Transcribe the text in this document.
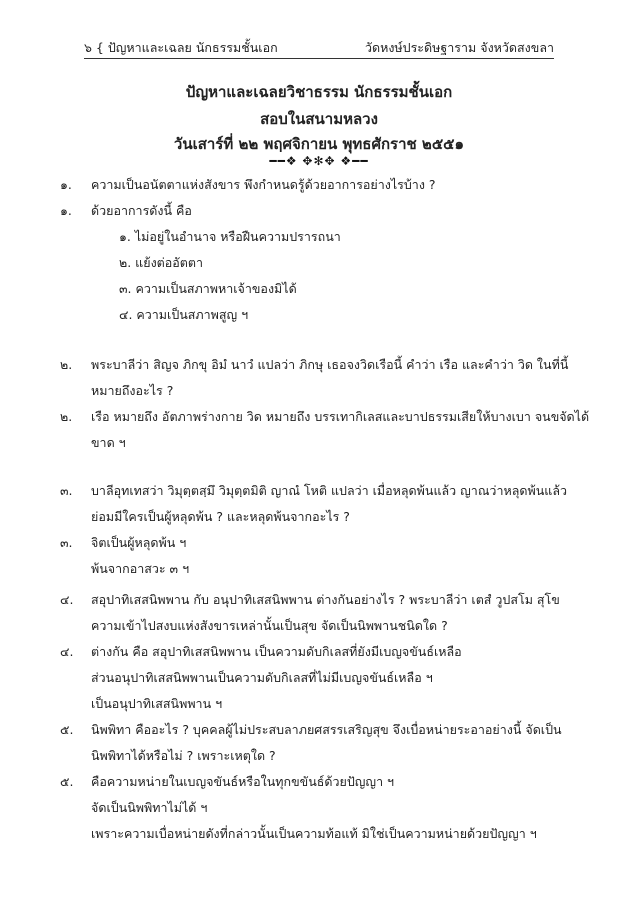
๖ { ปัญหาและเฉลย นักธรรมชั้นเอก	วัดหงษ์ประดิษฐาราม จังหวัดสงขลา
ปัญหาและเฉลยวิชาธรรม นักธรรมชั้นเอก
สอบในสนามหลวง
วันเสาร์ที่ ๒๒ พฤศจิกายน พุทธศักราช ๒๕๕๑
━━❖ ✥✻✥ ❖━━
๑. ความเป็นอนัตตาแห่งสังขาร พึงกำหนดรู้ด้วยอาการอย่างไรบ้าง ?
๑. ด้วยอาการดังนี้ คือ
๑. ไม่อยู่ในอำนาจ หรือฝืนความปรารถนา
๒. แย้งต่ออัตตา
๓. ความเป็นสภาพหาเจ้าของมิได้
๔. ความเป็นสภาพสูญ ฯ
๒. พระบาลีว่า สิญจ ภิกขุ อิมํ นาวํ แปลว่า ภิกษุ เธอจงวิดเรือนี้ คำว่า เรือ และคำว่า วิด ในที่นี้
หมายถึงอะไร ?
๒. เรือ หมายถึง อัตภาพร่างกาย วิด หมายถึง บรรเทากิเลสและบาปธรรมเสียให้บางเบา จนขจัดได้
ขาด ฯ
๓. บาลีอุทเทสว่า วิมุตฺตสฺมึ วิมุตฺตมิติ ญาณํ โหติ แปลว่า เมื่อหลุดพ้นแล้ว ญาณว่าหลุดพ้นแล้ว
ย่อมมีใครเป็นผู้หลุดพ้น ? และหลุดพ้นจากอะไร ?
๓. จิตเป็นผู้หลุดพ้น ฯ
พ้นจากอาสวะ ๓ ฯ
๔. สอุปาทิเสสนิพพาน กับ อนุปาทิเสสนิพพาน ต่างกันอย่างไร ? พระบาลีว่า เตสํ วูปสโม สุโข
ความเข้าไปสงบแห่งสังขารเหล่านั้นเป็นสุข จัดเป็นนิพพานชนิดใด ?
๔. ต่างกัน คือ สอุปาทิเสสนิพพาน เป็นความดับกิเลสที่ยังมีเบญจขันธ์เหลือ
ส่วนอนุปาทิเสสนิพพานเป็นความดับกิเลสที่ไม่มีเบญจขันธ์เหลือ ฯ
เป็นอนุปาทิเสสนิพพาน ฯ
๕. นิพพิทา คืออะไร ? บุคคลผู้ไม่ประสบลาภยศสรรเสริญสุข จึงเบื่อหน่ายระอาอย่างนี้ จัดเป็น
นิพพิทาได้หรือไม่ ? เพราะเหตุใด ?
๕. คือความหน่ายในเบญจขันธ์หรือในทุกขขันธ์ด้วยปัญญา ฯ
จัดเป็นนิพพิทาไม่ได้ ฯ
เพราะความเบื่อหน่ายดังที่กล่าวนั้นเป็นความท้อแท้ มิใช่เป็นความหน่ายด้วยปัญญา ฯ
